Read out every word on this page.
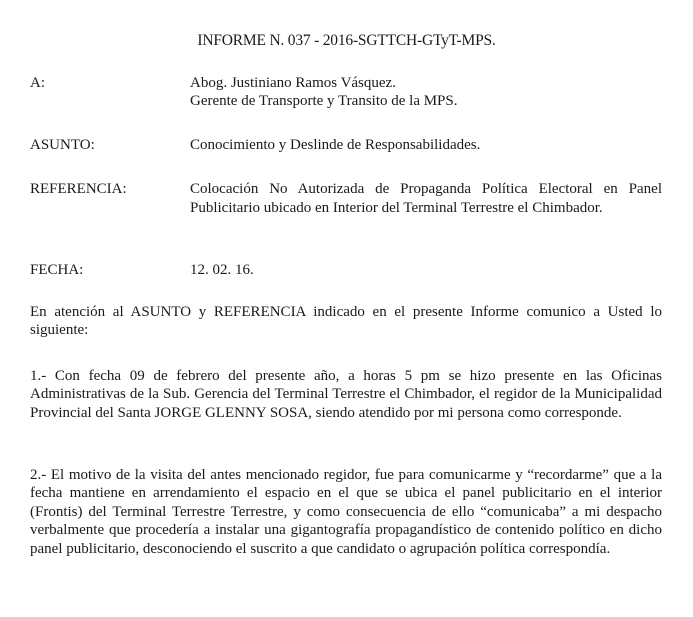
INFORME N. 037 - 2016-SGTTCH-GTyT-MPS.
A:	Abog. Justiniano Ramos Vásquez.
Gerente de Transporte y Transito de la MPS.
ASUNTO:	Conocimiento y Deslinde de Responsabilidades.
REFERENCIA:	Colocación No Autorizada de Propaganda Política Electoral en Panel Publicitario ubicado en Interior del Terminal Terrestre el Chimbador.
FECHA:	12. 02. 16.
En atención al ASUNTO y REFERENCIA indicado en el presente Informe comunico a Usted lo siguiente:
1.- Con fecha 09 de febrero del presente año, a horas 5 pm se hizo presente en las Oficinas Administrativas de la Sub. Gerencia del Terminal Terrestre el Chimbador, el regidor de la Municipalidad Provincial del Santa JORGE GLENNY SOSA, siendo atendido por mi persona como corresponde.
2.- El motivo de la visita del antes mencionado regidor, fue para comunicarme y “recordarme” que a la fecha mantiene en arrendamiento el espacio en el que se ubica el panel publicitario en el interior (Frontis) del Terminal Terrestre Terrestre, y como consecuencia de ello “comunicaba” a mi despacho verbalmente que procedería a instalar una gigantografía propagandístico de contenido político en dicho panel publicitario, desconociendo el suscrito a que candidato o agrupación política correspondía.
